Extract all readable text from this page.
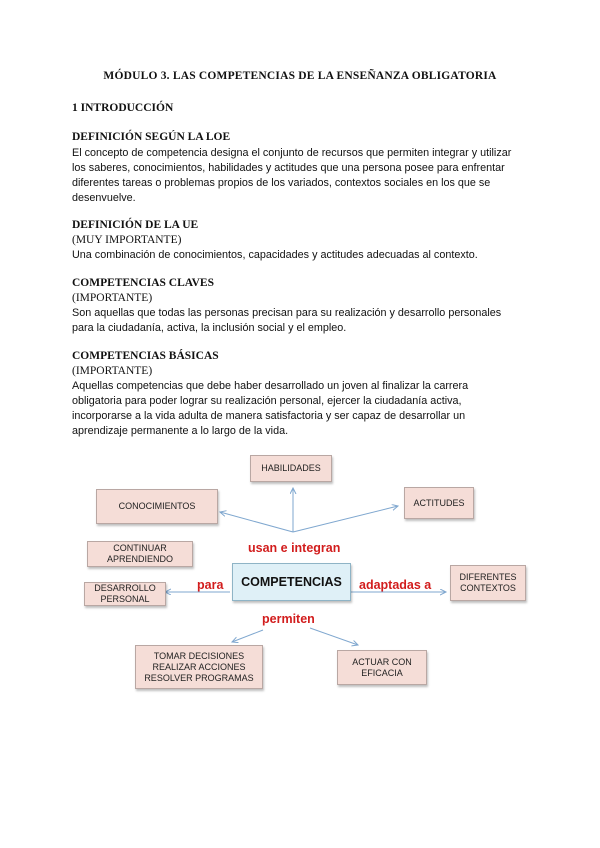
MÓDULO 3. LAS COMPETENCIAS DE LA ENSEÑANZA OBLIGATORIA
1 INTRODUCCIÓN
DEFINICIÓN SEGÚN LA LOE
El concepto de competencia designa el conjunto de recursos que permiten integrar y utilizar
los saberes, conocimientos, habilidades y actitudes que una persona posee para enfrentar
diferentes tareas o problemas propios de los variados, contextos sociales en los que se
desenvuelve.
DEFINICIÓN DE LA UE
(MUY IMPORTANTE)
Una combinación de conocimientos, capacidades y actitudes adecuadas al contexto.
COMPETENCIAS CLAVES
(IMPORTANTE)
Son aquellas que todas las personas precisan para su realización y desarrollo personales
para la ciudadanía, activa, la inclusión social y el empleo.
COMPETENCIAS BÁSICAS
(IMPORTANTE)
Aquellas competencias que debe haber desarrollado un joven al finalizar la carrera
obligatoria para poder lograr su realización personal, ejercer la ciudadanía activa,
incorporarse a la vida adulta de manera satisfactoria y ser capaz de desarrollar un
aprendizaje permanente a lo largo de la vida.
HABILIDADES
CONOCIMIENTOS	ACTITUDES
CONTINUAR
APRENDIENDO
DESARROLLO
PERSONAL
DIFERENTES
CONTEXTOS
TOMAR DECISIONES
REALIZAR ACCIONES
RESOLVER PROGRAMAS
ACTUAR CON
EFICACIA
COMPETENCIAS
usan e integran
para	adaptadas a
permiten
